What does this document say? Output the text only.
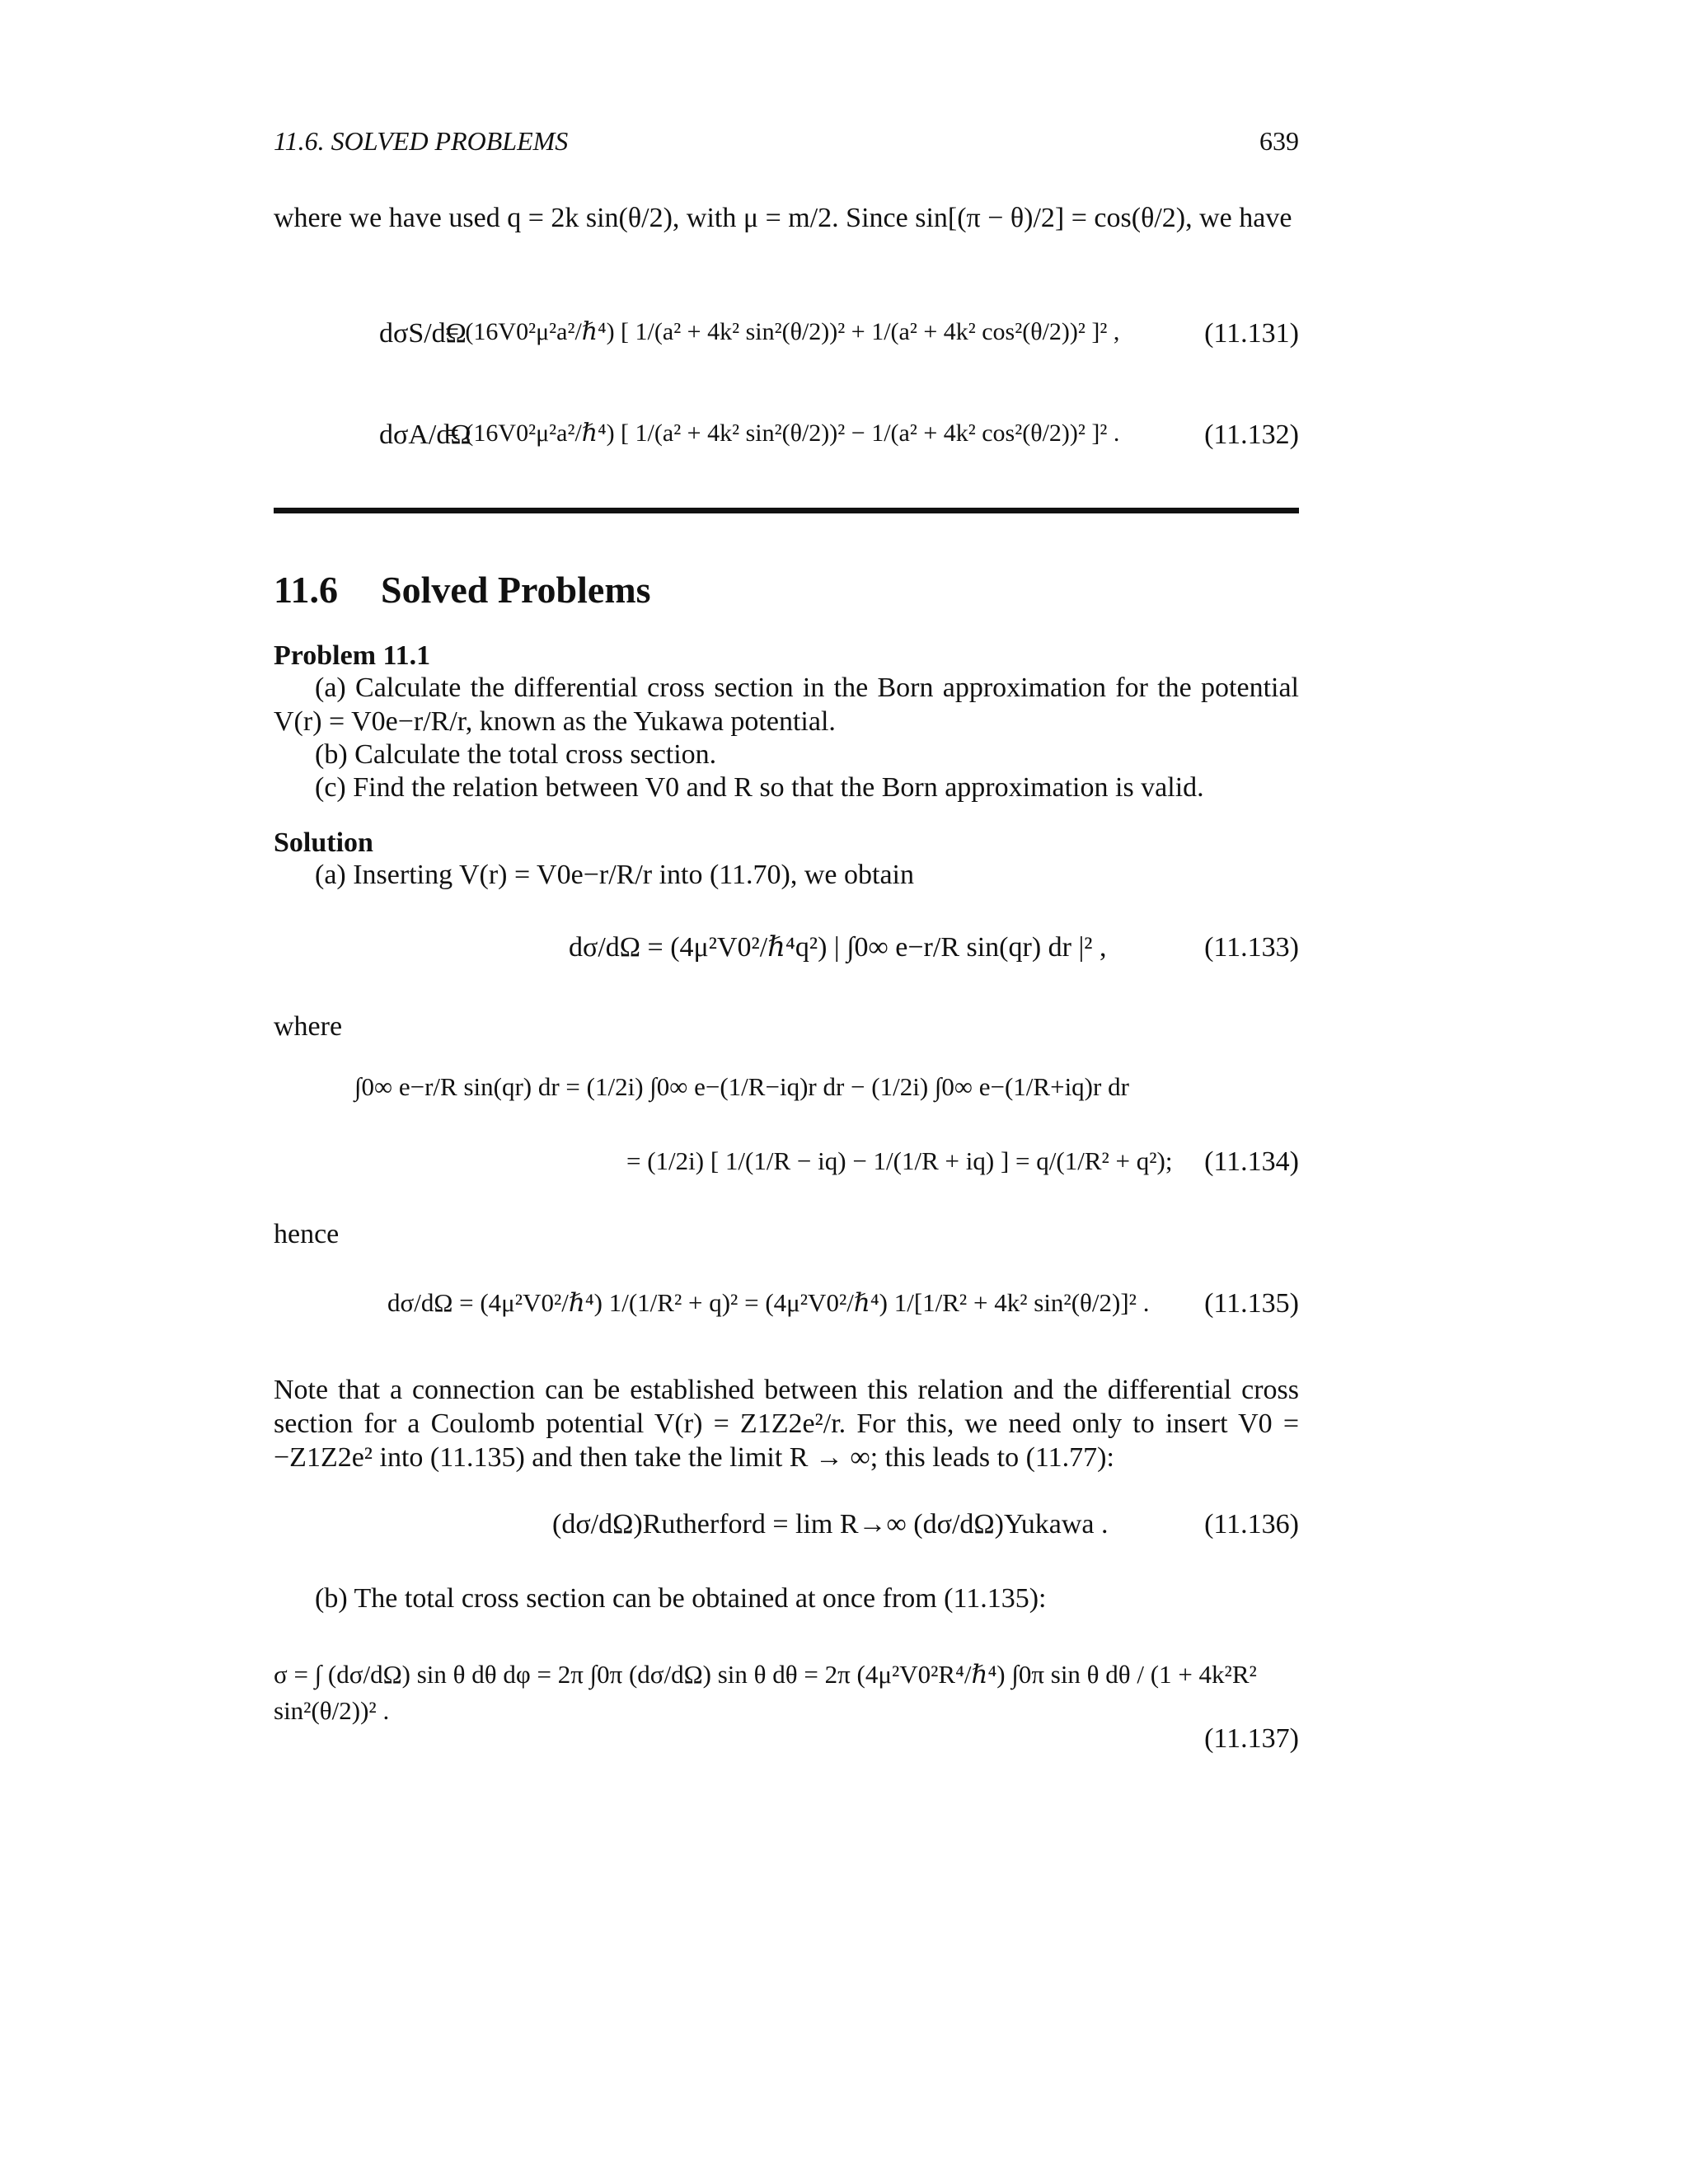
11.6. SOLVED PROBLEMS	639
where we have used q = 2k sin(θ/2), with μ = m/2. Since sin[(π − θ)/2] = cos(θ/2), we have
dσS/dΩ
= (16V0²μ²a²/ℏ⁴) [ 1/(a² + 4k² sin²(θ/2))² + 1/(a² + 4k² cos²(θ/2))² ]² ,	(11.131)
dσA/dΩ
= (16V0²μ²a²/ℏ⁴) [ 1/(a² + 4k² sin²(θ/2))² − 1/(a² + 4k² cos²(θ/2))² ]² .	(11.132)
11.6 Solved Problems
Problem 11.1
(a) Calculate the differential cross section in the Born approximation for the potential V(r) = V0e−r/R/r, known as the Yukawa potential.
(b) Calculate the total cross section.
(c) Find the relation between V0 and R so that the Born approximation is valid.
Solution
(a) Inserting V(r) = V0e−r/R/r into (11.70), we obtain
dσ/dΩ = (4μ²V0²/ℏ⁴q²) | ∫0∞ e−r/R sin(qr) dr |² ,	(11.133)
where
∫0∞ e−r/R sin(qr) dr = (1/2i) ∫0∞ e−(1/R−iq)r dr − (1/2i) ∫0∞ e−(1/R+iq)r dr
= (1/2i) [ 1/(1/R − iq) − 1/(1/R + iq) ] = q/(1/R² + q²); (11.134)
hence
dσ/dΩ = (4μ²V0²/ℏ⁴) 1/(1/R² + q)² = (4μ²V0²/ℏ⁴) 1/[1/R² + 4k² sin²(θ/2)]² . (11.135)
Note that a connection can be established between this relation and the differential cross section for a Coulomb potential V(r) = Z1Z2e²/r. For this, we need only to insert V0 = −Z1Z2e² into (11.135) and then take the limit R → ∞; this leads to (11.77):
(dσ/dΩ)Rutherford = lim R→∞ (dσ/dΩ)Yukawa .	(11.136)
(b) The total cross section can be obtained at once from (11.135):
σ = ∫ (dσ/dΩ) sin θ dθ dφ = 2π ∫0π (dσ/dΩ) sin θ dθ = 2π (4μ²V0²R⁴/ℏ⁴) ∫0π sin θ dθ / (1 + 4k²R² sin²(θ/2))² .
(11.137)
